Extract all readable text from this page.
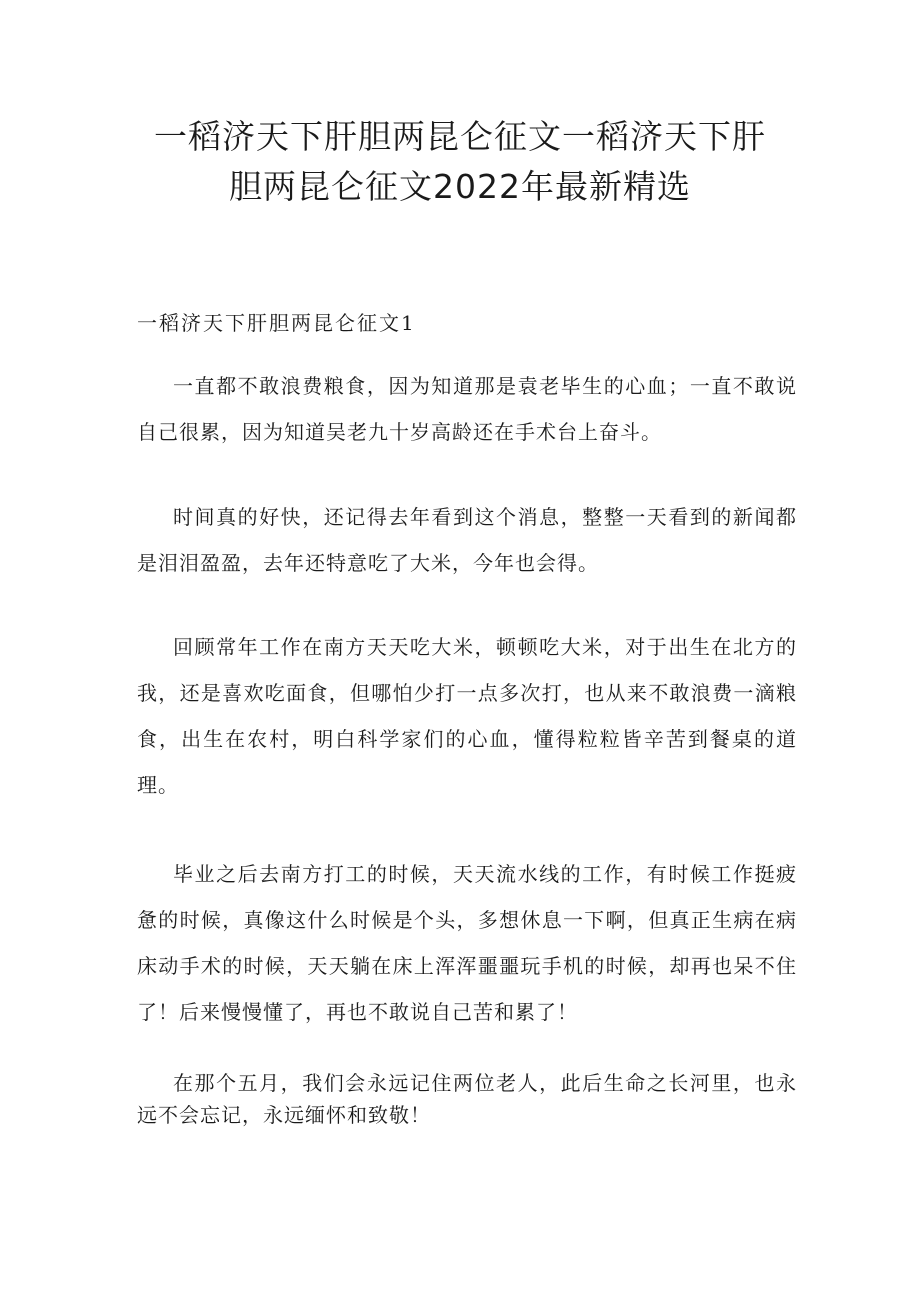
一稻济天下肝胆两昆仑征文一稻济天下肝
胆两昆仑征文2022年最新精选
一稻济天下肝胆两昆仑征文1

一直都不敢浪费粮食，因为知道那是袁老毕生的心血；一直不敢说自己很累，因为知道吴老九十岁高龄还在手术台上奋斗。

时间真的好快，还记得去年看到这个消息，整整一天看到的新闻都是泪泪盈盈，去年还特意吃了大米，今年也会得。

回顾常年工作在南方天天吃大米，顿顿吃大米，对于出生在北方的我，还是喜欢吃面食，但哪怕少打一点多次打，也从来不敢浪费一滴粮食，出生在农村，明白科学家们的心血，懂得粒粒皆辛苦到餐桌的道理。

毕业之后去南方打工的时候，天天流水线的工作，有时候工作挺疲惫的时候，真像这什么时候是个头，多想休息一下啊，但真正生病在病床动手术的时候，天天躺在床上浑浑噩噩玩手机的时候，却再也呆不住了！后来慢慢懂了，再也不敢说自己苦和累了！

在那个五月，我们会永远记住两位老人，此后生命之长河里，也永远不会忘记，永远缅怀和致敬！
